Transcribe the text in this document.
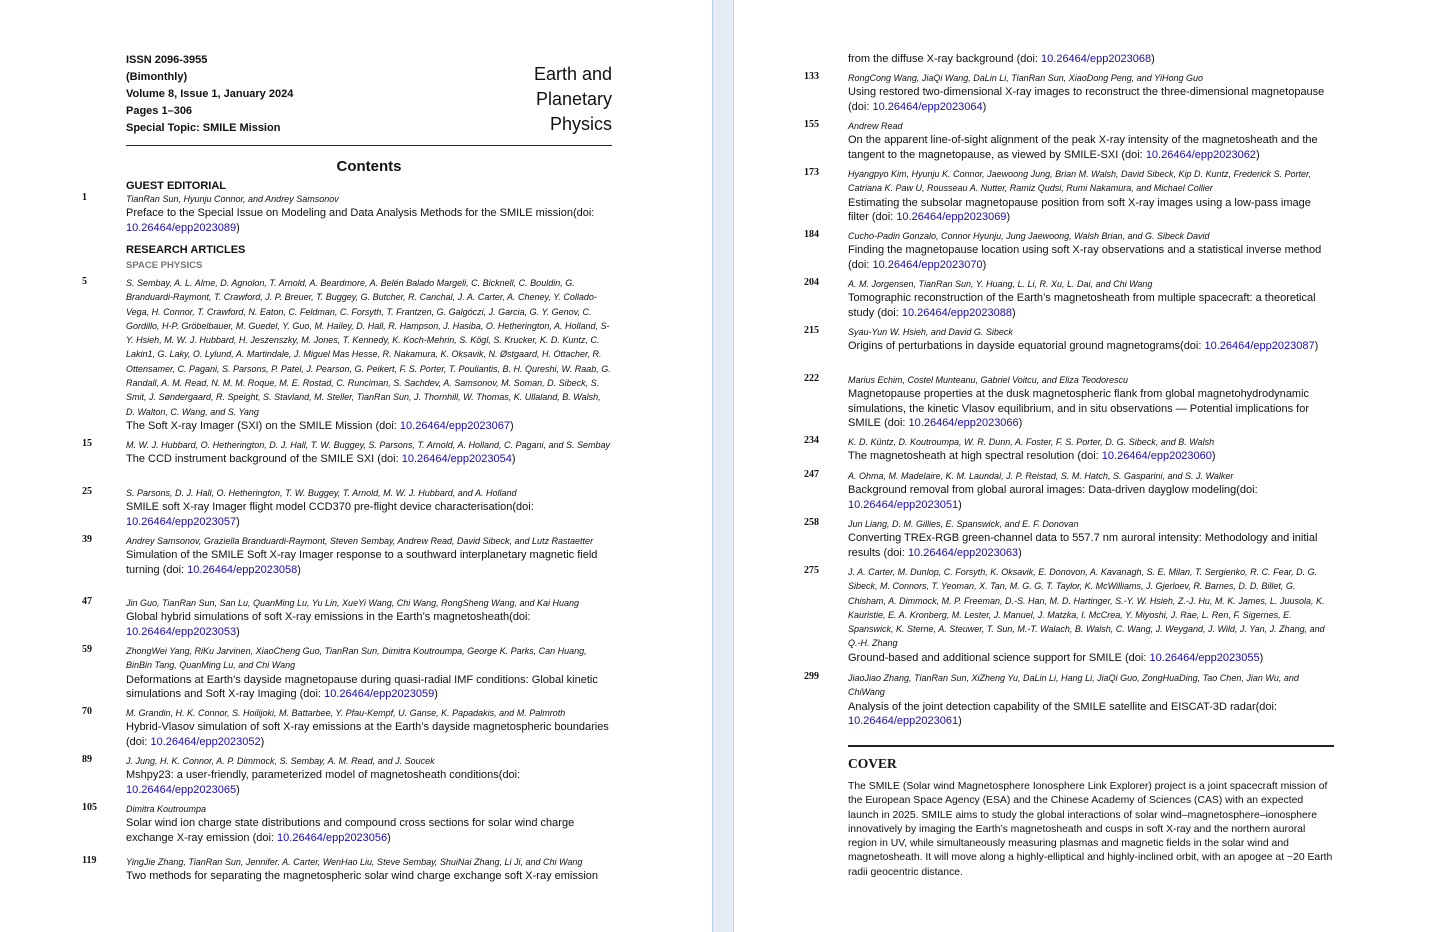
ISSN 2096-3955
(Bimonthly)
Volume 8, Issue 1, January 2024
Pages 1–306
Special Topic: SMILE Mission
Earth and
Planetary
Physics
Contents
GUEST EDITORIAL
RESEARCH ARTICLES
SPACE PHYSICS
COVER
The SMILE (Solar wind Magnetosphere Ionosphere Link Explorer) project is a joint spacecraft mission of the European Space Agency (ESA) and the Chinese Academy of Sciences (CAS) with an expected launch in 2025. SMILE aims to study the global interactions of solar wind–magnetosphere–ionosphere innovatively by imaging the Earth’s magnetosheath and cusps in soft X-ray and the northern auroral region in UV, while simultaneously measuring plasmas and magnetic fields in the solar wind and magnetosheath. It will move along a highly-elliptical and highly-inclined orbit, with an apogee at ~20 Earth radii geocentric distance.
1	TianRan Sun, Hyunju Connor, and Andrey Samsonov
Preface to the Special Issue on Modeling and Data Analysis Methods for the SMILE mission(doi: 10.26464/epp2023089)
5	S. Sembay, A. L. Alme, D. Agnolon, T. Arnold, A. Beardmore, A. Belén Balado Margeli, C. Bicknell, C. Bouldin, G. Branduardi-Raymont, T. Crawford, J. P. Breuer, T. Buggey, G. Butcher, R. Canchal, J. A. Carter, A. Cheney, Y. Collado-Vega, H. Connor, T. Crawford, N. Eaton, C. Feldman, C. Forsyth, T. Frantzen, G. Galgóczi, J. Garcia, G. Y. Genov, C. Gordillo, H-P. Gröbelbauer, M. Guedel, Y. Guo, M. Hailey, D. Hall, R. Hampson, J. Hasiba, O. Hetherington, A. Holland, S-Y. Hsieh, M. W. J. Hubbard, H. Jeszenszky, M. Jones, T. Kennedy, K. Koch-Mehrin, S. Kögl, S. Krucker, K. D. Kuntz, C. Lakin1, G. Laky, O. Lylund, A. Martindale, J. Miguel Mas Hesse, R. Nakamura, K. Oksavik, N. Østgaard, H. Ottacher, R. Ottensamer, C. Pagani, S. Parsons, P. Patel, J. Pearson, G. Peikert, F. S. Porter, T. Pouliantis, B. H. Qureshi, W. Raab, G. Randall, A. M. Read, N. M. M. Roque, M. E. Rostad, C. Runciman, S. Sachdev, A. Samsonov, M. Soman, D. Sibeck, S. Smit, J. Søndergaard, R. Speight, S. Stavland, M. Steller, TianRan Sun, J. Thornhill, W. Thomas, K. Ullaland, B. Walsh, D. Walton, C. Wang, and S. Yang
The Soft X-ray Imager (SXI) on the SMILE Mission (doi: 10.26464/epp2023067)
15	M. W. J. Hubbard, O. Hetherington, D. J. Hall, T. W. Buggey, S. Parsons, T. Arnold, A. Holland, C. Pagani, and S. Sembay
The CCD instrument background of the SMILE SXI (doi: 10.26464/epp2023054)
25	S. Parsons, D. J. Hall, O. Hetherington, T. W. Buggey, T. Arnold, M. W. J. Hubbard, and A. Holland
SMILE soft X-ray Imager flight model CCD370 pre-flight device characterisation(doi: 10.26464/epp2023057)
39	Andrey Samsonov, Graziella Branduardi-Raymont, Steven Sembay, Andrew Read, David Sibeck, and Lutz Rastaetter
Simulation of the SMILE Soft X-ray Imager response to a southward interplanetary magnetic field turning (doi: 10.26464/epp2023058)
47	Jin Guo, TianRan Sun, San Lu, QuanMing Lu, Yu Lin, XueYi Wang, Chi Wang, RongSheng Wang, and Kai Huang
Global hybrid simulations of soft X-ray emissions in the Earth’s magnetosheath(doi: 10.26464/epp2023053)
59	ZhongWei Yang, RiKu Jarvinen, XiaoCheng Guo, TianRan Sun, Dimitra Koutroumpa, George K. Parks, Can Huang, BinBin Tang, QuanMing Lu, and Chi Wang
Deformations at Earth’s dayside magnetopause during quasi-radial IMF conditions: Global kinetic simulations and Soft X-ray Imaging (doi: 10.26464/epp2023059)
70	M. Grandin, H. K. Connor, S. Hoilijoki, M. Battarbee, Y. Pfau-Kempf, U. Ganse, K. Papadakis, and M. Palmroth
Hybrid-Vlasov simulation of soft X-ray emissions at the Earth’s dayside magnetospheric boundaries (doi: 10.26464/epp2023052)
89	J. Jung, H. K. Connor, A. P. Dimmock, S. Sembay, A. M. Read, and J. Soucek
Mshpy23: a user-friendly, parameterized model of magnetosheath conditions(doi: 10.26464/epp2023065)
105	Dimitra Koutroumpa
Solar wind ion charge state distributions and compound cross sections for solar wind charge exchange X-ray emission (doi: 10.26464/epp2023056)
119	YingJie Zhang, TianRan Sun, Jennifer. A. Carter, WenHao Liu, Steve Sembay, ShuiNai Zhang, Li Ji, and Chi Wang
Two methods for separating the magnetospheric solar wind charge exchange soft X-ray emission
from the diffuse X-ray background (doi: 10.26464/epp2023068)
133	RongCong Wang, JiaQi Wang, DaLin Li, TianRan Sun, XiaoDong Peng, and YiHong Guo
Using restored two-dimensional X-ray images to reconstruct the three-dimensional magnetopause (doi: 10.26464/epp2023064)
155	Andrew Read
On the apparent line-of-sight alignment of the peak X-ray intensity of the magnetosheath and the tangent to the magnetopause, as viewed by SMILE-SXI (doi: 10.26464/epp2023062)
173	Hyangpyo Kim, Hyunju K. Connor, Jaewoong Jung, Brian M. Walsh, David Sibeck, Kip D. Kuntz, Frederick S. Porter, Catriana K. Paw U, Rousseau A. Nutter, Ramiz Qudsi, Rumi Nakamura, and Michael Collier
Estimating the subsolar magnetopause position from soft X-ray images using a low-pass image filter (doi: 10.26464/epp2023069)
184	Cucho-Padin Gonzalo, Connor Hyunju, Jung Jaewoong, Walsh Brian, and G. Sibeck David
Finding the magnetopause location using soft X-ray observations and a statistical inverse method (doi: 10.26464/epp2023070)
204	A. M. Jorgensen, TianRan Sun, Y. Huang, L. Li, R. Xu, L. Dai, and Chi Wang
Tomographic reconstruction of the Earth’s magnetosheath from multiple spacecraft: a theoretical study (doi: 10.26464/epp2023088)
215	Syau-Yun W. Hsieh, and David G. Sibeck
Origins of perturbations in dayside equatorial ground magnetograms(doi: 10.26464/epp2023087)
222	Marius Echim, Costel Munteanu, Gabriel Voitcu, and Eliza Teodorescu
Magnetopause properties at the dusk magnetospheric flank from global magnetohydrodynamic simulations, the kinetic Vlasov equilibrium, and in situ observations — Potential implications for SMILE (doi: 10.26464/epp2023066)
234	K. D. Küntz, D. Koutroumpa, W. R. Dunn, A. Foster, F. S. Porter, D. G. Sibeck, and B. Walsh
The magnetosheath at high spectral resolution (doi: 10.26464/epp2023060)
247	A. Ohma, M. Madelaire, K. M. Laundal, J. P. Reistad, S. M. Hatch, S. Gasparini, and S. J. Walker
Background removal from global auroral images: Data-driven dayglow modeling(doi: 10.26464/epp2023051)
258	Jun Liang, D. M. Gillies, E. Spanswick, and E. F. Donovan
Converting TREx-RGB green-channel data to 557.7 nm auroral intensity: Methodology and initial results (doi: 10.26464/epp2023063)
275	J. A. Carter, M. Dunlop, C. Forsyth, K. Oksavik, E. Donovon, A. Kavanagh, S. E. Milan, T. Sergienko, R. C. Fear, D. G. Sibeck, M. Connors, T. Yeoman, X. Tan, M. G. G. T. Taylor, K. McWilliams, J. Gjerloev, R. Barnes, D. D. Billet, G. Chisham, A. Dimmock, M. P. Freeman, D.-S. Han, M. D. Hartinger, S.-Y. W. Hsieh, Z.-J. Hu, M. K. James, L. Juusola, K. Kauristie, E. A. Kronberg, M. Lester, J. Manuel, J. Matzka, I. McCrea, Y. Miyoshi, J. Rae, L. Ren, F. Sigernes, E. Spanswick, K. Sterne, A. Steuwer, T. Sun, M.-T. Walach, B. Walsh, C. Wang, J. Weygand, J. Wild, J. Yan, J. Zhang, and Q.-H. Zhang
Ground-based and additional science support for SMILE (doi: 10.26464/epp2023055)
299	JiaoJiao Zhang, TianRan Sun, XiZheng Yu, DaLin Li, Hang Li, JiaQi Guo, ZongHuaDing, Tao Chen, Jian Wu, and ChiWang
Analysis of the joint detection capability of the SMILE satellite and EISCAT-3D radar(doi: 10.26464/epp2023061)
